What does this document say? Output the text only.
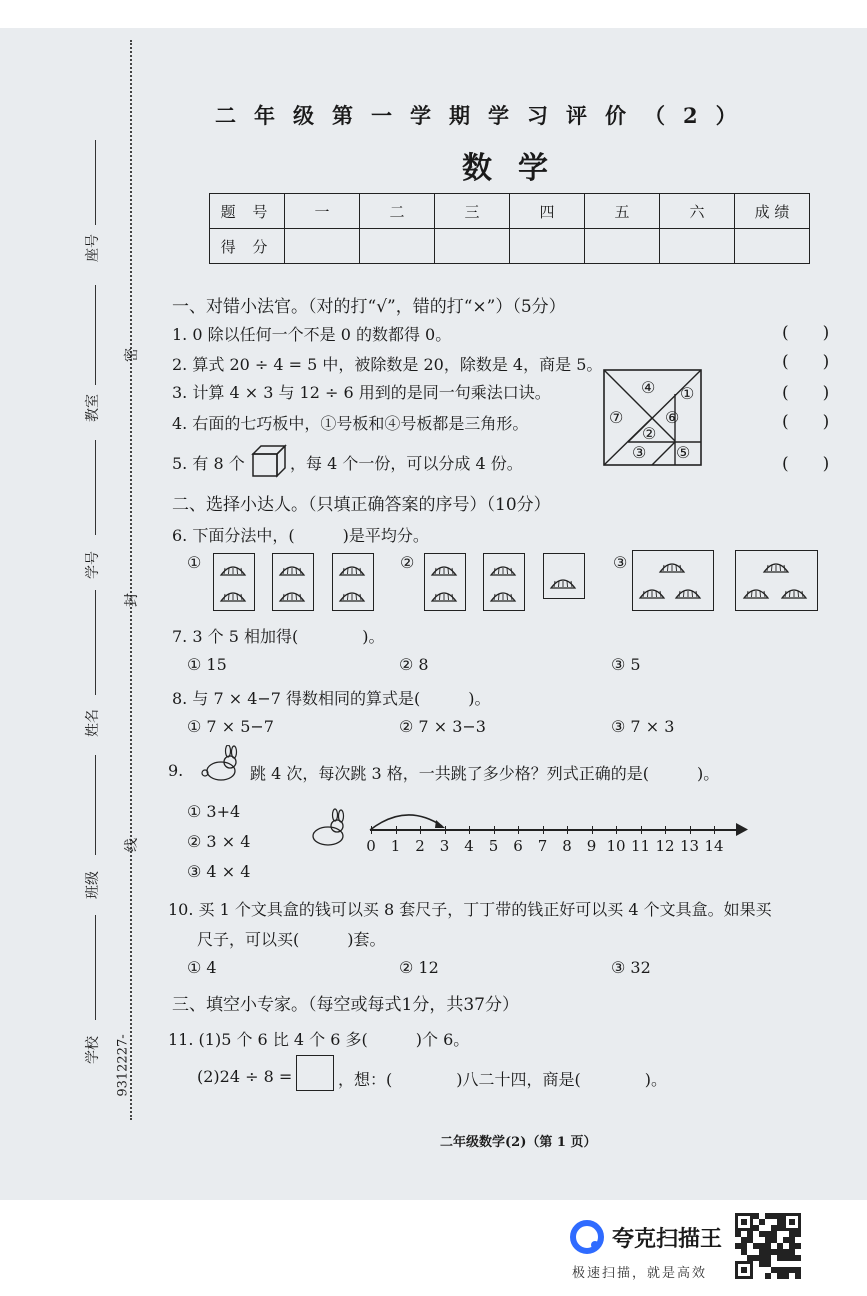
座号
教室
学号
姓名
班级
学校 9312227-
密
封
线
二年级第一学期学习评价（2）
数学
题 号	一	二	三	四	五	六	成 绩
得 分							
一、对错小法官。（对的打“√”，错的打“×”）（5分）
1. 0 除以任何一个不是 0 的数都得 0。
2. 算式 20 ÷ 4 = 5 中，被除数是 20，除数是 4，商是 5。
3. 计算 4 × 3 与 12 ÷ 6 用到的是同一句乘法口诀。
4. 右面的七巧板中，①号板和④号板都是三角形。
5. 有 8 个	，每 4 个一份，可以分成 4 份。
(　　)
(　　)
(　　)
(　　)
(　　)
④ ①
⑦	⑥
②
③ ⑤
二、选择小达人。（只填正确答案的序号）（10分）
6. 下面分法中，(　　　)是平均分。
①	②	③
7. 3 个 5 相加得(　　　　)。
① 15	② 8	③ 5
8. 与 7 × 4−7 得数相同的算式是(　　　)。
① 7 × 5−7	② 7 × 3−3	③ 7 × 3
9.	跳 4 次，每次跳 3 格，一共跳了多少格？列式正确的是(　　　)。
① 3+4
② 3 × 4
③ 4 × 4
0 1 2 3 4 5 6 7 8 9 10 11 12 13 14
10. 买 1 个文具盒的钱可以买 8 套尺子，丁丁带的钱正好可以买 4 个文具盒。如果买
尺子，可以买(　　　)套。
① 4	② 12	③ 32
三、填空小专家。（每空或每式1分，共37分）
11. (1)5 个 6 比 4 个 6 多(　　　)个 6。
(2)24 ÷ 8 =	，想：(　　　　)八二十四，商是(　　　　)。
二年级数学(2)（第 1 页）
夸克扫描王
极速扫描，就是高效
